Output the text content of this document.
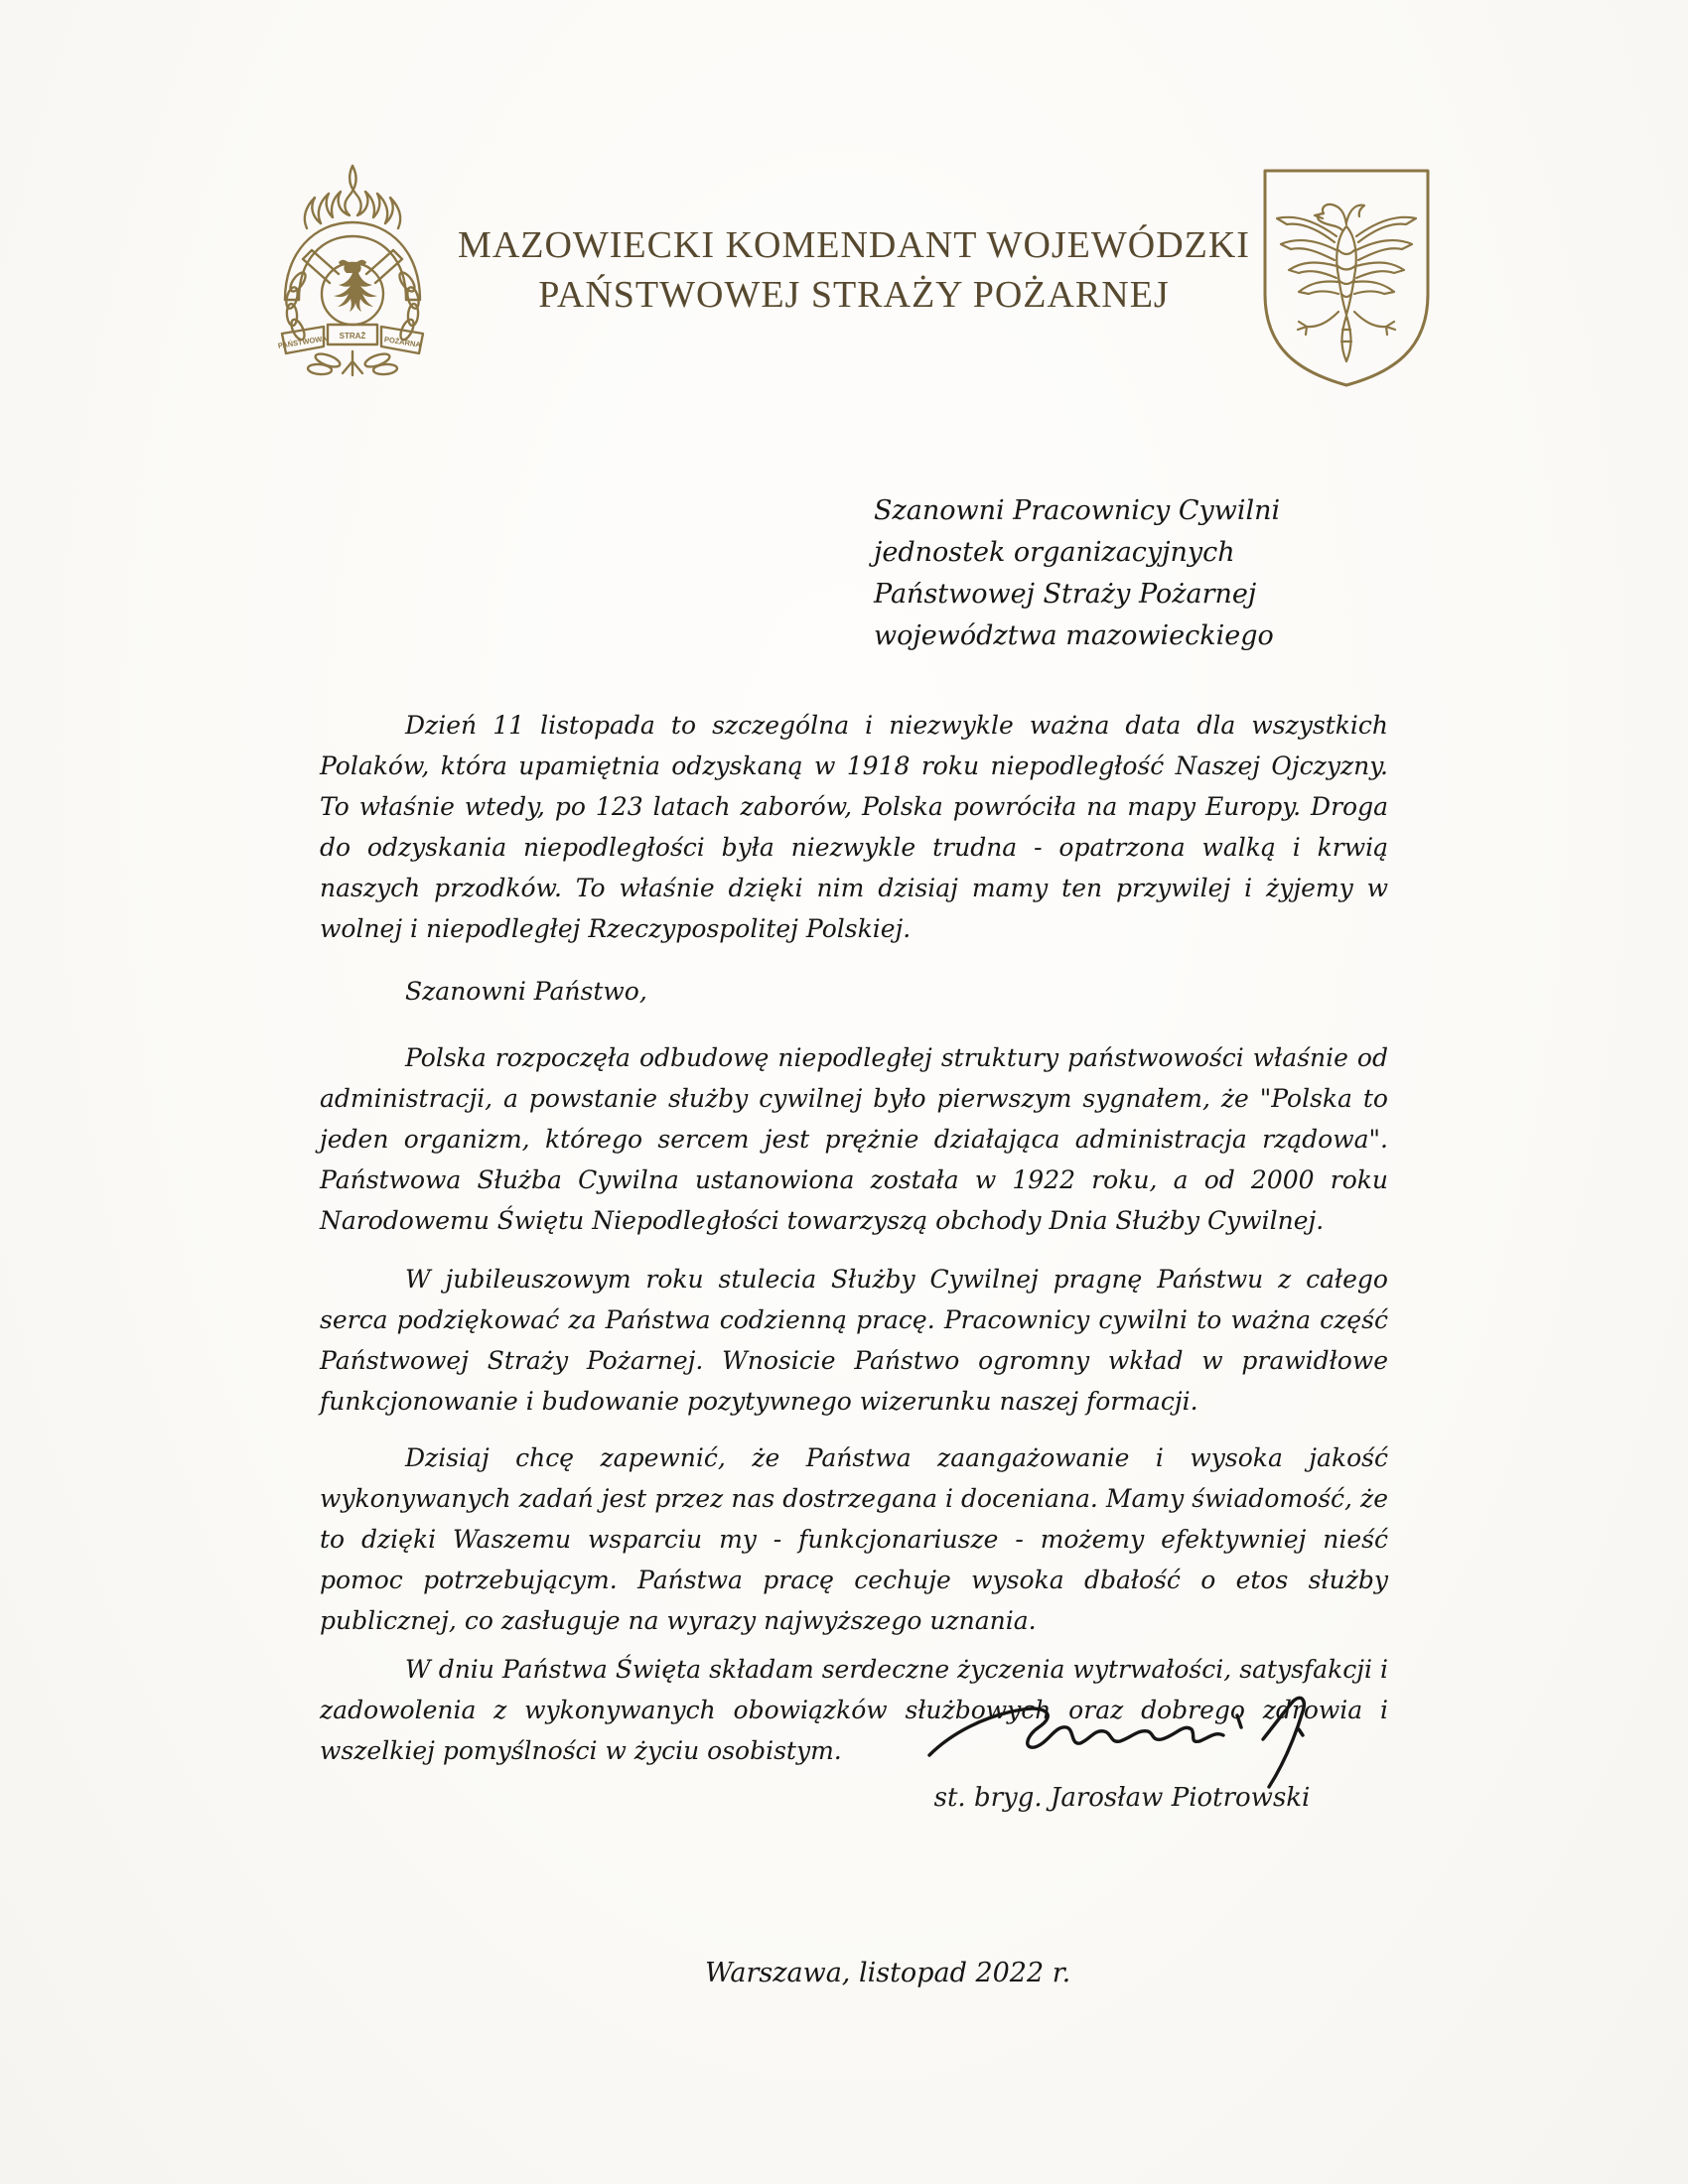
PAŃSTWOWA STRAŻ POŻARNA
MAZOWIECKI KOMENDANT WOJEWÓDZKI
PAŃSTWOWEJ STRAŻY POŻARNEJ
Szanowni Pracownicy Cywilni
jednostek organizacyjnych
Państwowej Straży Pożarnej
województwa mazowieckiego

Dzień 11 listopada to szczególna i niezwykle ważna data dla wszystkich Polaków, która upamiętnia odzyskaną w 1918 roku niepodległość Naszej Ojczyzny. To właśnie wtedy, po 123 latach zaborów, Polska powróciła na mapy Europy. Droga do odzyskania niepodległości była niezwykle trudna - opatrzona walką i krwią naszych przodków. To właśnie dzięki nim dzisiaj mamy ten przywilej i żyjemy w wolnej i niepodległej Rzeczypospolitej Polskiej.

Szanowni Państwo,

Polska rozpoczęła odbudowę niepodległej struktury państwowości właśnie od administracji, a powstanie służby cywilnej było pierwszym sygnałem, że "Polska to jeden organizm, którego sercem jest prężnie działająca administracja rządowa". Państwowa Służba Cywilna ustanowiona została w 1922 roku, a od 2000 roku Narodowemu Świętu Niepodległości towarzyszą obchody Dnia Służby Cywilnej.

W jubileuszowym roku stulecia Służby Cywilnej pragnę Państwu z całego serca podziękować za Państwa codzienną pracę. Pracownicy cywilni to ważna część Państwowej Straży Pożarnej. Wnosicie Państwo ogromny wkład w prawidłowe funkcjonowanie i budowanie pozytywnego wizerunku naszej formacji.

Dzisiaj chcę zapewnić, że Państwa zaangażowanie i wysoka jakość wykonywanych zadań jest przez nas dostrzegana i doceniana. Mamy świadomość, że to dzięki Waszemu wsparciu my - funkcjonariusze - możemy efektywniej nieść pomoc potrzebującym. Państwa pracę cechuje wysoka dbałość o etos służby publicznej, co zasługuje na wyrazy najwyższego uznania.

W dniu Państwa Święta składam serdeczne życzenia wytrwałości, satysfakcji i zadowolenia z wykonywanych obowiązków służbowych oraz dobrego zdrowia i wszelkiej pomyślności w życiu osobistym.

st. bryg. Jarosław Piotrowski
Warszawa, listopad 2022 r.
